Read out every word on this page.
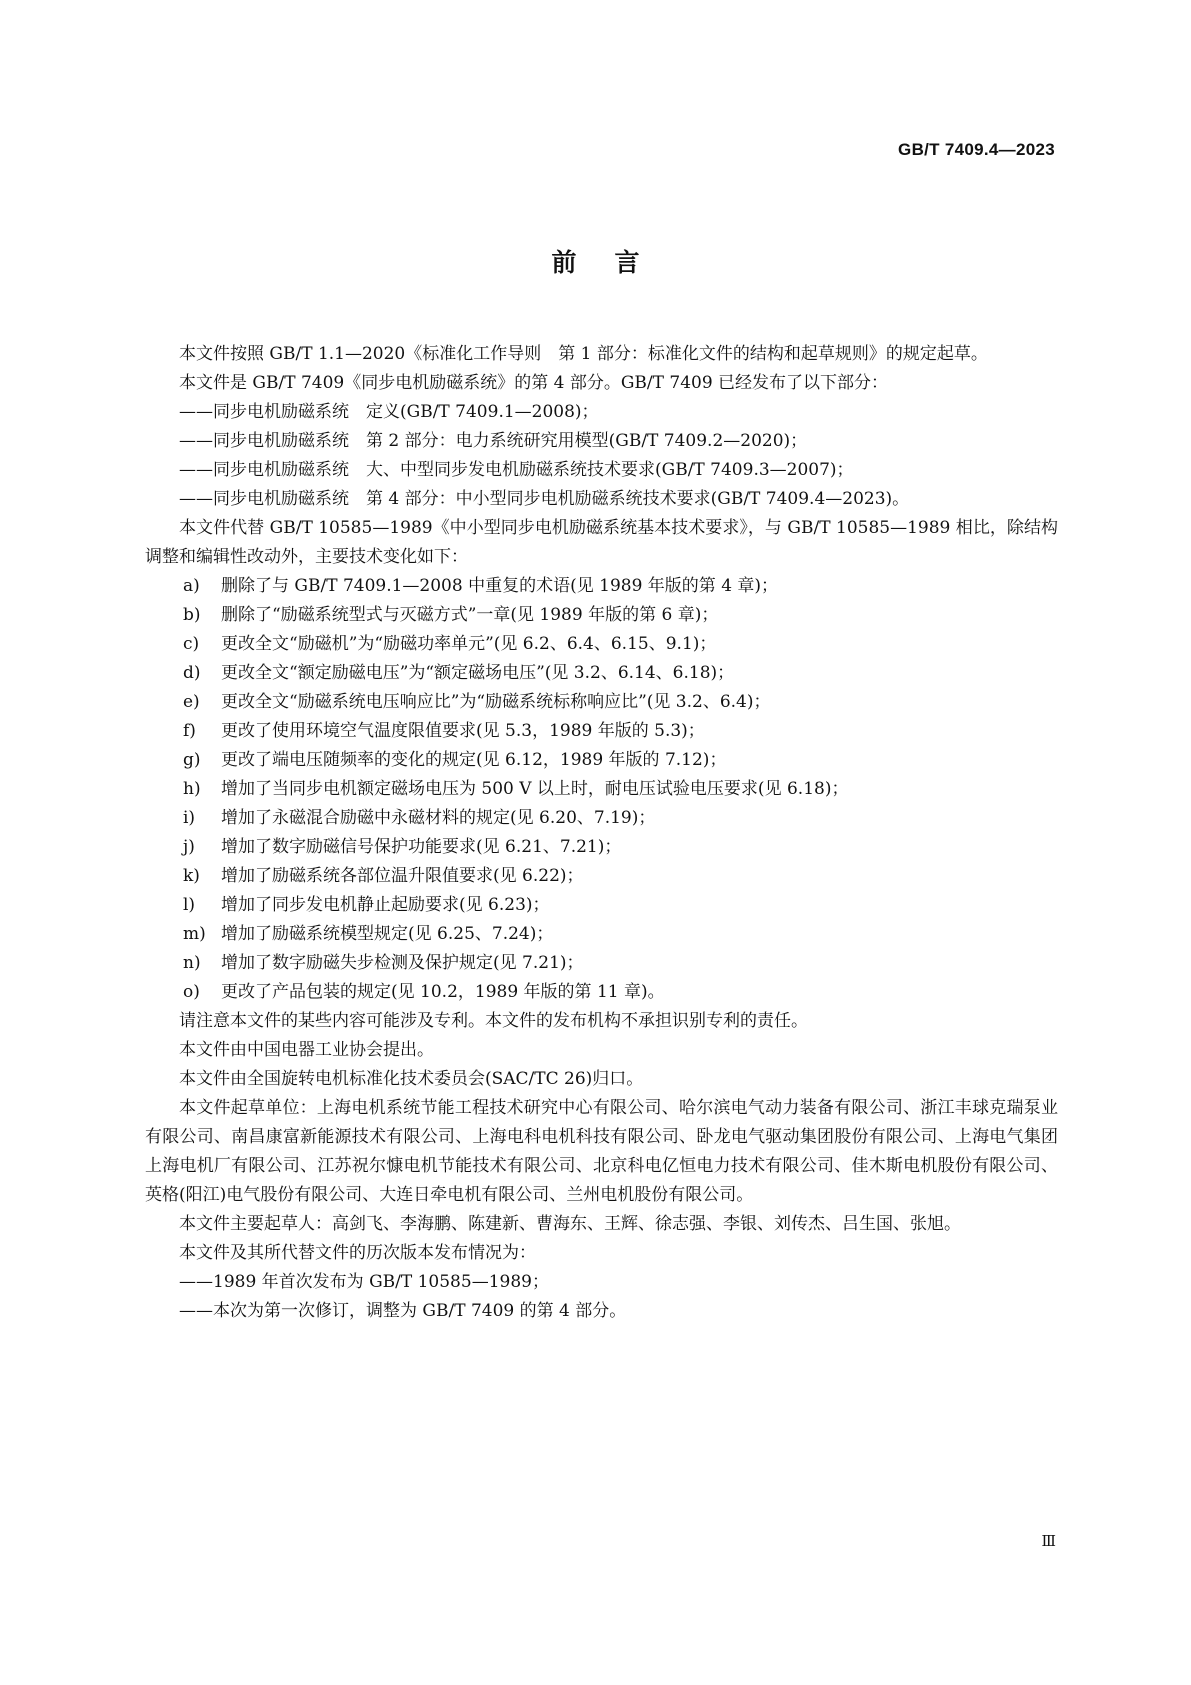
GB/T 7409.4—2023
前言

本文件按照 GB/T 1.1—2020《标准化工作导则　第 1 部分：标准化文件的结构和起草规则》的规定起草。

本文件是 GB/T 7409《同步电机励磁系统》的第 4 部分。GB/T 7409 已经发布了以下部分：

——同步电机励磁系统　定义(GB/T 7409.1—2008)；

——同步电机励磁系统　第 2 部分：电力系统研究用模型(GB/T 7409.2—2020)；

——同步电机励磁系统　大、中型同步发电机励磁系统技术要求(GB/T 7409.3—2007)；

——同步电机励磁系统　第 4 部分：中小型同步电机励磁系统技术要求(GB/T 7409.4—2023)。

本文件代替 GB/T 10585—1989《中小型同步电机励磁系统基本技术要求》，与 GB/T 10585—1989 相比，除结构调整和编辑性改动外，主要技术变化如下：

a) 删除了与 GB/T 7409.1—2008 中重复的术语(见 1989 年版的第 4 章)；

b) 删除了“励磁系统型式与灭磁方式”一章(见 1989 年版的第 6 章)；

c) 更改全文“励磁机”为“励磁功率单元”(见 6.2、6.4、6.15、9.1)；

d) 更改全文“额定励磁电压”为“额定磁场电压”(见 3.2、6.14、6.18)；

e) 更改全文“励磁系统电压响应比”为“励磁系统标称响应比”(见 3.2、6.4)；

f) 更改了使用环境空气温度限值要求(见 5.3，1989 年版的 5.3)；

g) 更改了端电压随频率的变化的规定(见 6.12，1989 年版的 7.12)；

h) 增加了当同步电机额定磁场电压为 500 V 以上时，耐电压试验电压要求(见 6.18)；

i) 增加了永磁混合励磁中永磁材料的规定(见 6.20、7.19)；

j) 增加了数字励磁信号保护功能要求(见 6.21、7.21)；

k) 增加了励磁系统各部位温升限值要求(见 6.22)；

l) 增加了同步发电机静止起励要求(见 6.23)；

m) 增加了励磁系统模型规定(见 6.25、7.24)；

n) 增加了数字励磁失步检测及保护规定(见 7.21)；

o) 更改了产品包装的规定(见 10.2，1989 年版的第 11 章)。

请注意本文件的某些内容可能涉及专利。本文件的发布机构不承担识别专利的责任。

本文件由中国电器工业协会提出。

本文件由全国旋转电机标准化技术委员会(SAC/TC 26)归口。

本文件起草单位：上海电机系统节能工程技术研究中心有限公司、哈尔滨电气动力装备有限公司、浙江丰球克瑞泵业有限公司、南昌康富新能源技术有限公司、上海电科电机科技有限公司、卧龙电气驱动集团股份有限公司、上海电气集团上海电机厂有限公司、江苏祝尔慷电机节能技术有限公司、北京科电亿恒电力技术有限公司、佳木斯电机股份有限公司、英格(阳江)电气股份有限公司、大连日牵电机有限公司、兰州电机股份有限公司。

本文件主要起草人：高剑飞、李海鹏、陈建新、曹海东、王辉、徐志强、李银、刘传杰、吕生国、张旭。

本文件及其所代替文件的历次版本发布情况为：

——1989 年首次发布为 GB/T 10585—1989；

——本次为第一次修订，调整为 GB/T 7409 的第 4 部分。

Ⅲ
